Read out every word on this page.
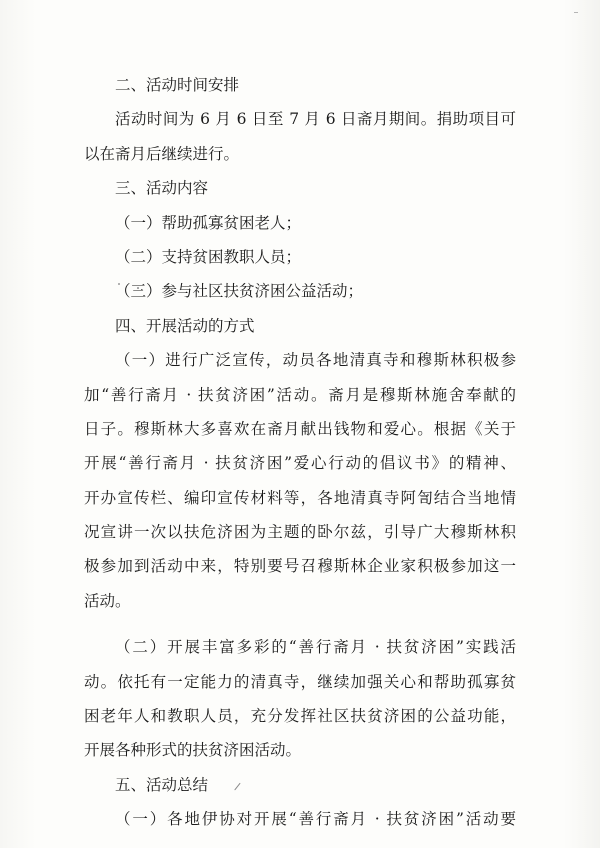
二、活动时间安排
活动时间为 6 月 6 日至 7 月 6 日斋月期间。捐助项目可
以在斋月后继续进行。
三、活动内容
（一）帮助孤寡贫困老人；
（二）支持贫困教职人员；
（三）参与社区扶贫济困公益活动；
四、开展活动的方式
（一）进行广泛宣传，动员各地清真寺和穆斯林积极参
加“善行斋月 · 扶贫济困”活动。斋月是穆斯林施舍奉献的
日子。穆斯林大多喜欢在斋月献出钱物和爱心。根据《关于
开展“善行斋月 · 扶贫济困”爱心行动的倡议书》的精神、
开办宣传栏、编印宣传材料等，各地清真寺阿訇结合当地情
况宣讲一次以扶危济困为主题的卧尔兹，引导广大穆斯林积
极参加到活动中来，特别要号召穆斯林企业家积极参加这一
活动。
（二）开展丰富多彩的“善行斋月 · 扶贫济困”实践活
动。依托有一定能力的清真寺，继续加强关心和帮助孤寡贫
困老年人和教职人员，充分发挥社区扶贫济困的公益功能，
开展各种形式的扶贫济困活动。
五、活动总结
（一）各地伊协对开展“善行斋月 · 扶贫济困”活动要
